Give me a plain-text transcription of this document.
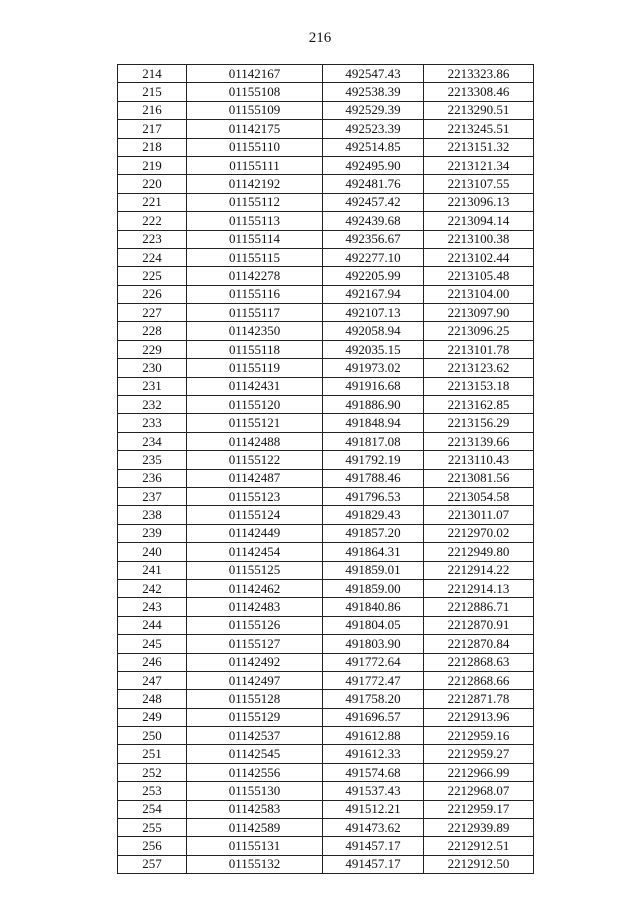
216
214	01142167	492547.43	2213323.86
215	01155108	492538.39	2213308.46
216	01155109	492529.39	2213290.51
217	01142175	492523.39	2213245.51
218	01155110	492514.85	2213151.32
219	01155111	492495.90	2213121.34
220	01142192	492481.76	2213107.55
221	01155112	492457.42	2213096.13
222	01155113	492439.68	2213094.14
223	01155114	492356.67	2213100.38
224	01155115	492277.10	2213102.44
225	01142278	492205.99	2213105.48
226	01155116	492167.94	2213104.00
227	01155117	492107.13	2213097.90
228	01142350	492058.94	2213096.25
229	01155118	492035.15	2213101.78
230	01155119	491973.02	2213123.62
231	01142431	491916.68	2213153.18
232	01155120	491886.90	2213162.85
233	01155121	491848.94	2213156.29
234	01142488	491817.08	2213139.66
235	01155122	491792.19	2213110.43
236	01142487	491788.46	2213081.56
237	01155123	491796.53	2213054.58
238	01155124	491829.43	2213011.07
239	01142449	491857.20	2212970.02
240	01142454	491864.31	2212949.80
241	01155125	491859.01	2212914.22
242	01142462	491859.00	2212914.13
243	01142483	491840.86	2212886.71
244	01155126	491804.05	2212870.91
245	01155127	491803.90	2212870.84
246	01142492	491772.64	2212868.63
247	01142497	491772.47	2212868.66
248	01155128	491758.20	2212871.78
249	01155129	491696.57	2212913.96
250	01142537	491612.88	2212959.16
251	01142545	491612.33	2212959.27
252	01142556	491574.68	2212966.99
253	01155130	491537.43	2212968.07
254	01142583	491512.21	2212959.17
255	01142589	491473.62	2212939.89
256	01155131	491457.17	2212912.51
257	01155132	491457.17	2212912.50
